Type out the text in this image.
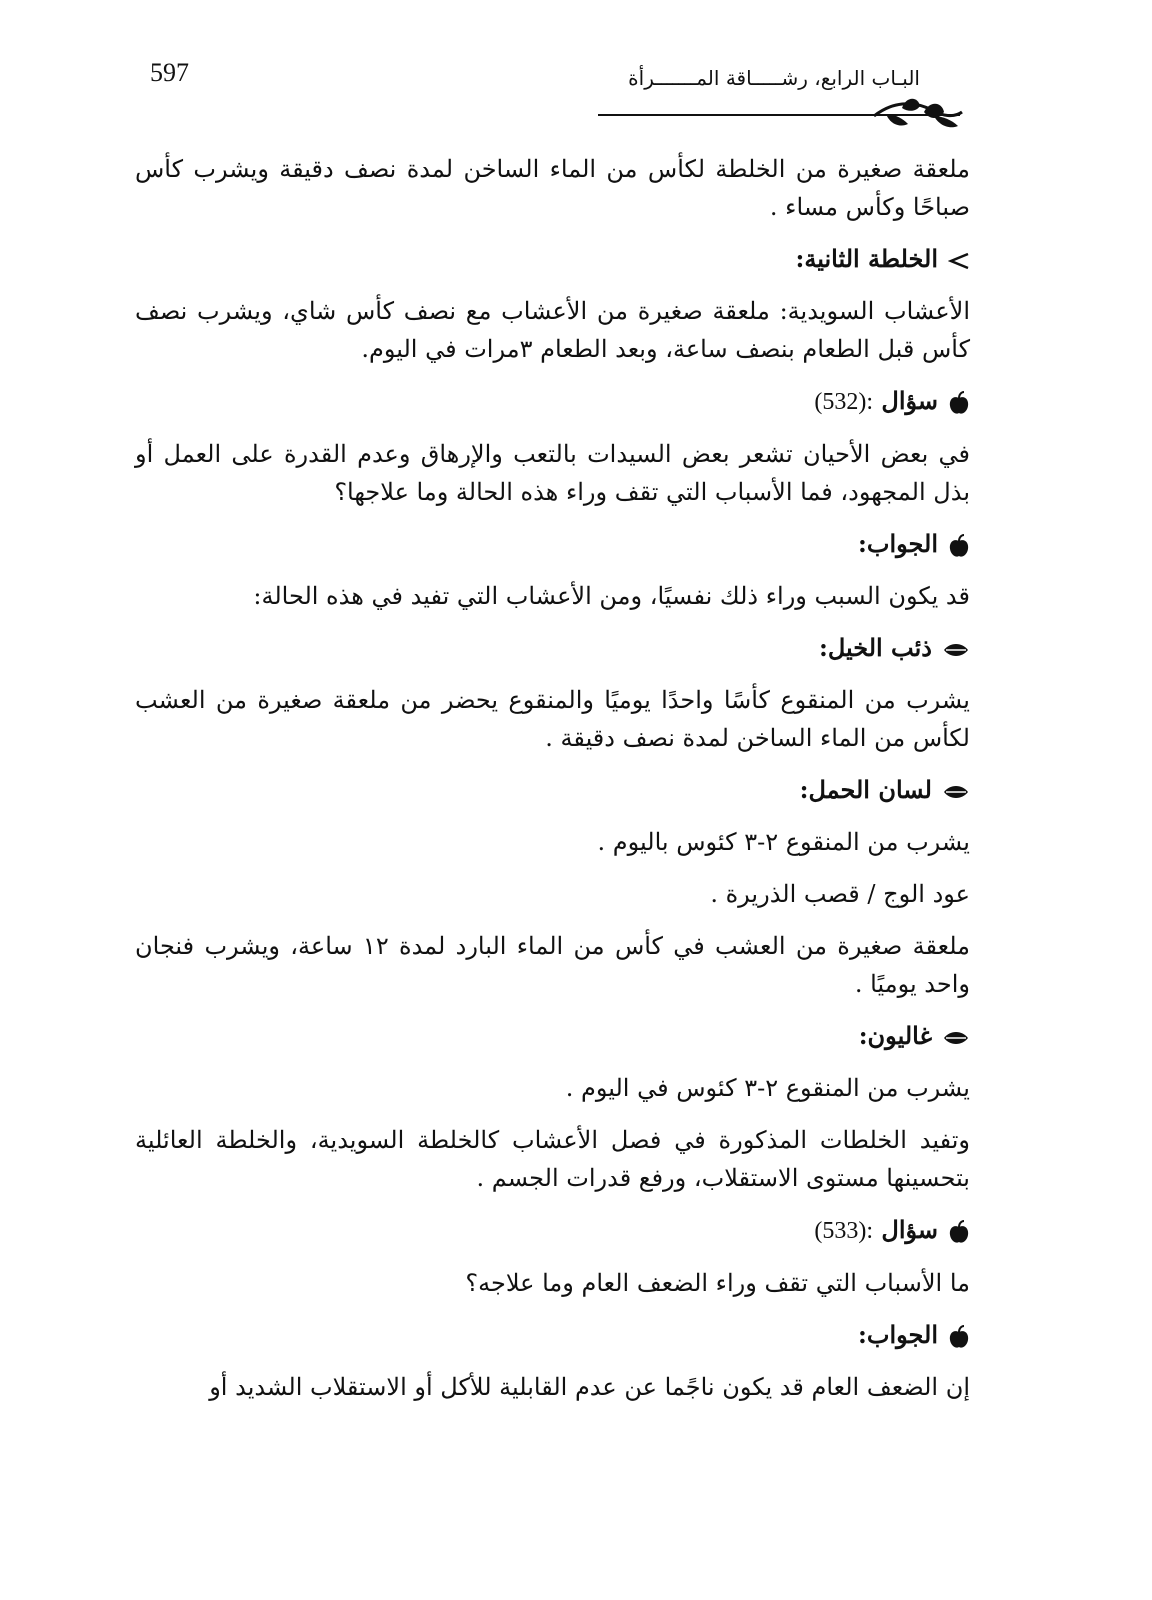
597	البـاب الرابع، رشـــــاقة المـــــــرأة

ملعقة صغيرة من الخلطة لكأس من الماء الساخن لمدة نصف دقيقة ويشرب كأس صباحًا وكأس مساء .

الخلطة الثانية:

الأعشاب السويدية: ملعقة صغيرة من الأعشاب مع نصف كأس شاي، ويشرب نصف كأس قبل الطعام بنصف ساعة، وبعد الطعام ٣مرات في اليوم.

سؤال (532):

في بعض الأحيان تشعر بعض السيدات بالتعب والإرهاق وعدم القدرة على العمل أو بذل المجهود، فما الأسباب التي تقف وراء هذه الحالة وما علاجها؟

الجواب:

قد يكون السبب وراء ذلك نفسيًا، ومن الأعشاب التي تفيد في هذه الحالة:

ذئب الخيل:

يشرب من المنقوع كأسًا واحدًا يوميًا والمنقوع يحضر من ملعقة صغيرة من العشب لكأس من الماء الساخن لمدة نصف دقيقة .

لسان الحمل:

يشرب من المنقوع ٢-٣ كئوس باليوم .

عود الوج / قصب الذريرة .

ملعقة صغيرة من العشب في كأس من الماء البارد لمدة ١٢ ساعة، ويشرب فنجان واحد يوميًا .

غاليون:

يشرب من المنقوع ٢-٣ كئوس في اليوم .

وتفيد الخلطات المذكورة في فصل الأعشاب كالخلطة السويدية، والخلطة العائلية بتحسينها مستوى الاستقلاب، ورفع قدرات الجسم .

سؤال (533):

ما الأسباب التي تقف وراء الضعف العام وما علاجه؟

الجواب:

إن الضعف العام قد يكون ناجًما عن عدم القابلية للأكل أو الاستقلاب الشديد أو
